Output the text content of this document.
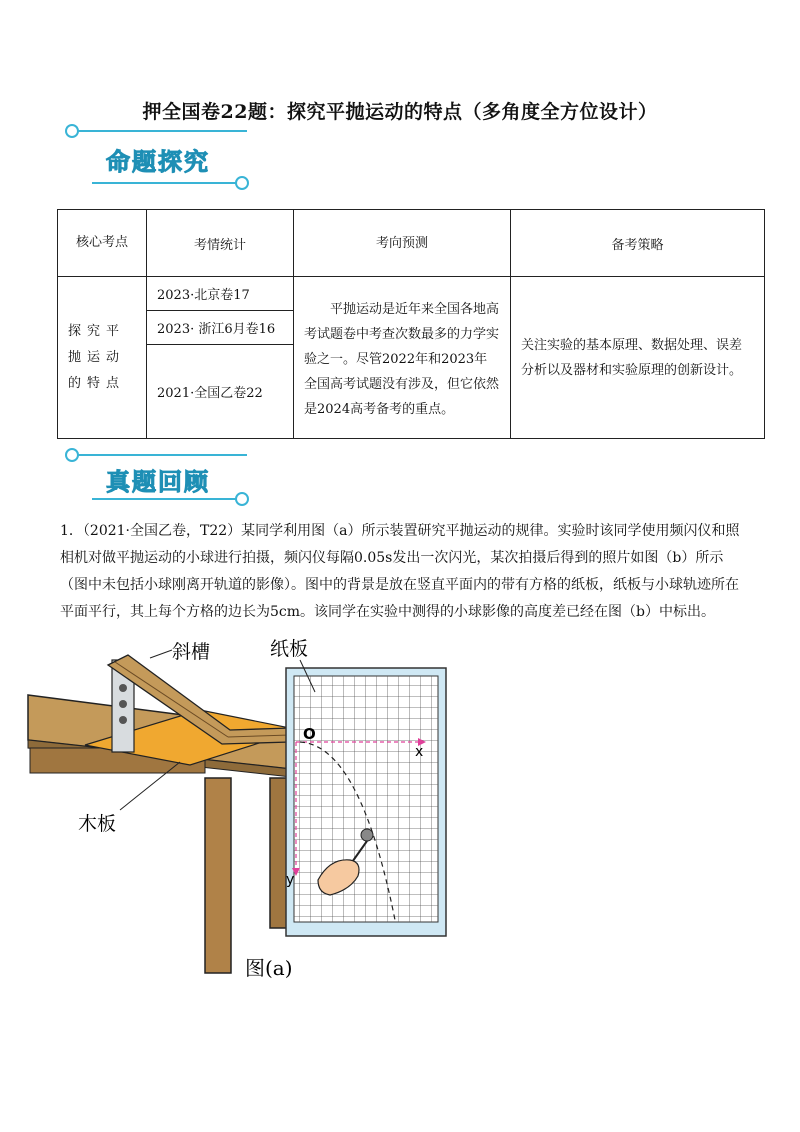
押全国卷22题：探究平抛运动的特点（多角度全方位设计）
命题探究
核心考点	考情统计	考向预测	备考策略
探究平抛运动的特点	2023·北京卷17	平抛运动是近年来全国各地高考试题卷中考查次数最多的力学实验之一。尽管2022年和2023年全国高考试题没有涉及，但它依然是2024高考备考的重点。	关注实验的基本原理、数据处理、误差分析以及器材和实验原理的创新设计。
	2023· 浙江6月卷16		
	2021·全国乙卷22		
真题回顾
1．（2021·全国乙卷，T22）某同学利用图（a）所示装置研究平抛运动的规律。实验时该同学使用频闪仪和照相机对做平抛运动的小球进行拍摄，频闪仪每隔0.05s发出一次闪光，某次拍摄后得到的照片如图（b）所示（图中未包括小球刚离开轨道的影像）。图中的背景是放在竖直平面内的带有方格的纸板，纸板与小球轨迹所在平面平行，其上每个方格的边长为5cm。该同学在实验中测得的小球影像的高度差已经在图（b）中标出。
斜槽
木板
纸板
O
x
y
图(a)
